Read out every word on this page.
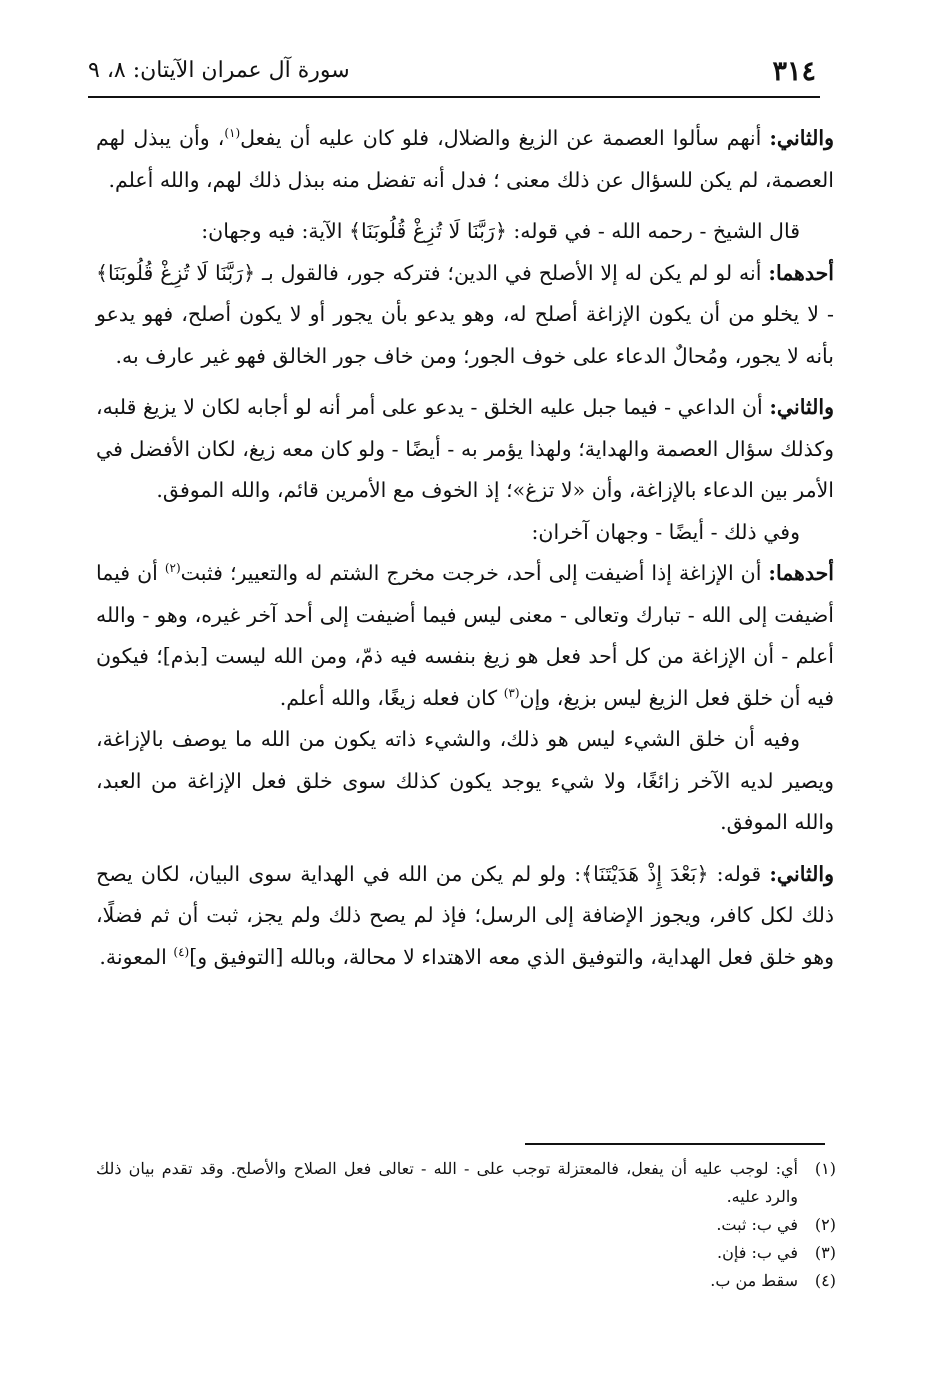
٣١٤
سورة آل عمران الآيتان: ٨، ٩

والثاني: أنهم سألوا العصمة عن الزيغ والضلال، فلو كان عليه أن يفعل$^{(١)}$، وأن يبذل لهم العصمة، لم يكن للسؤال عن ذلك معنى ؛ فدل أنه تفضل منه ببذل ذلك لهم، والله أعلم.

قال الشيخ - رحمه الله - في قوله: ﴿رَبَّنَا لَا تُزِغْ قُلُوبَنَا﴾ الآية: فيه وجهان:

أحدهما: أنه لو لم يكن له إلا الأصلح في الدين؛ فتركه جور، فالقول بـ ﴿رَبَّنَا لَا تُزِغْ قُلُوبَنَا﴾ - لا يخلو من أن يكون الإزاغة أصلح له، وهو يدعو بأن يجور أو لا يكون أصلح، فهو يدعو بأنه لا يجور، ومُحالٌ الدعاء على خوف الجور؛ ومن خاف جور الخالق فهو غير عارف به.

والثاني: أن الداعي - فيما جبل عليه الخلق - يدعو على أمر أنه لو أجابه لكان لا يزيغ قلبه، وكذلك سؤال العصمة والهداية؛ ولهذا يؤمر به - أيضًا - ولو كان معه زيغ، لكان الأفضل في الأمر بين الدعاء بالإزاغة، وأن «لا تزغ»؛ إذ الخوف مع الأمرين قائم، والله الموفق.

وفي ذلك - أيضًا - وجهان آخران:

أحدهما: أن الإزاغة إذا أضيفت إلى أحد، خرجت مخرج الشتم له والتعيير؛ فثبت$^{(٢)}$ أن فيما أضيفت إلى الله - تبارك وتعالى - معنى ليس فيما أضيفت إلى أحد آخر غيره، وهو - والله أعلم - أن الإزاغة من كل أحد فعل هو زيغ بنفسه فيه ذمّ، ومن الله ليست [بذم]؛ فيكون فيه أن خلق فعل الزيغ ليس بزيغ، وإن$^{(٣)}$ كان فعله زيغًا، والله أعلم.

وفيه أن خلق الشيء ليس هو ذلك، والشيء ذاته يكون من الله ما يوصف بالإزاغة، ويصير لديه الآخر زائغًا، ولا شيء يوجد يكون كذلك سوى خلق فعل الإزاغة من العبد، والله الموفق.

والثاني: قوله: ﴿بَعْدَ إِذْ هَدَيْتَنَا﴾: ولو لم يكن من الله في الهداية سوى البيان، لكان يصح ذلك لكل كافر، ويجوز الإضافة إلى الرسل؛ فإذ لم يصح ذلك ولم يجز، ثبت أن ثم فضلًا، وهو خلق فعل الهداية، والتوفيق الذي معه الاهتداء لا محالة، وبالله [التوفيق و]$^{(٤)}$ المعونة.

(١)
أي: لوجب عليه أن يفعل، فالمعتزلة توجب على - الله - تعالى فعل الصلاح والأصلح. وقد تقدم بيان ذلك والرد عليه.
(٢)
في ب: ثبت.
(٣)
في ب: فإن.
(٤)
سقط من ب.
